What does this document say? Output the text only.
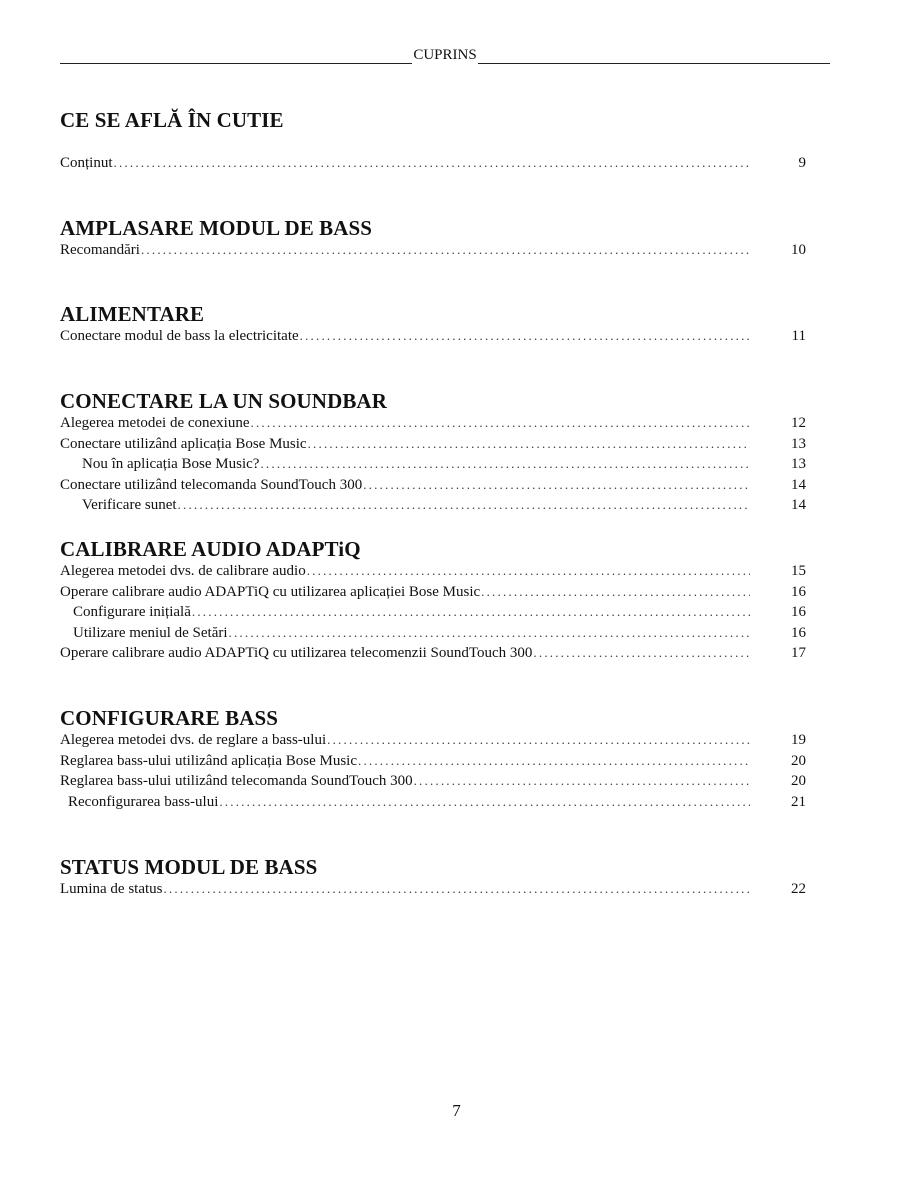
CUPRINS
CE SE AFLĂ ÎN CUTIE
Conținut .....	9
AMPLASARE MODUL DE BASS
Recomandări .....	10
ALIMENTARE
Conectare modul de bass la electricitate .....	11
CONECTARE LA UN SOUNDBAR
Alegerea metodei de conexiune .....	12
Conectare utilizând aplicația Bose Music .....	13
Nou în aplicația Bose Music? .....	13
Conectare utilizând telecomanda SoundTouch 300 .....	14
Verificare sunet .....	14
CALIBRARE AUDIO ADAPTiQ
Alegerea metodei dvs. de calibrare audio .....	15
Operare calibrare audio ADAPTiQ cu utilizarea aplicației Bose Music .....	16
Configurare inițială .....	16
Utilizare meniul de Setări .....	16
Operare calibrare audio ADAPTiQ cu utilizarea telecomenzii SoundTouch 300 .....	17
CONFIGURARE BASS
Alegerea metodei dvs. de reglare a bass-ului .....	19
Reglarea bass-ului utilizând aplicația Bose Music .....	20
Reglarea bass-ului utilizând telecomanda SoundTouch 300 .....	20
Reconfigurarea bass-ului .....	21
STATUS MODUL DE BASS
Lumina de status .....	22
7
